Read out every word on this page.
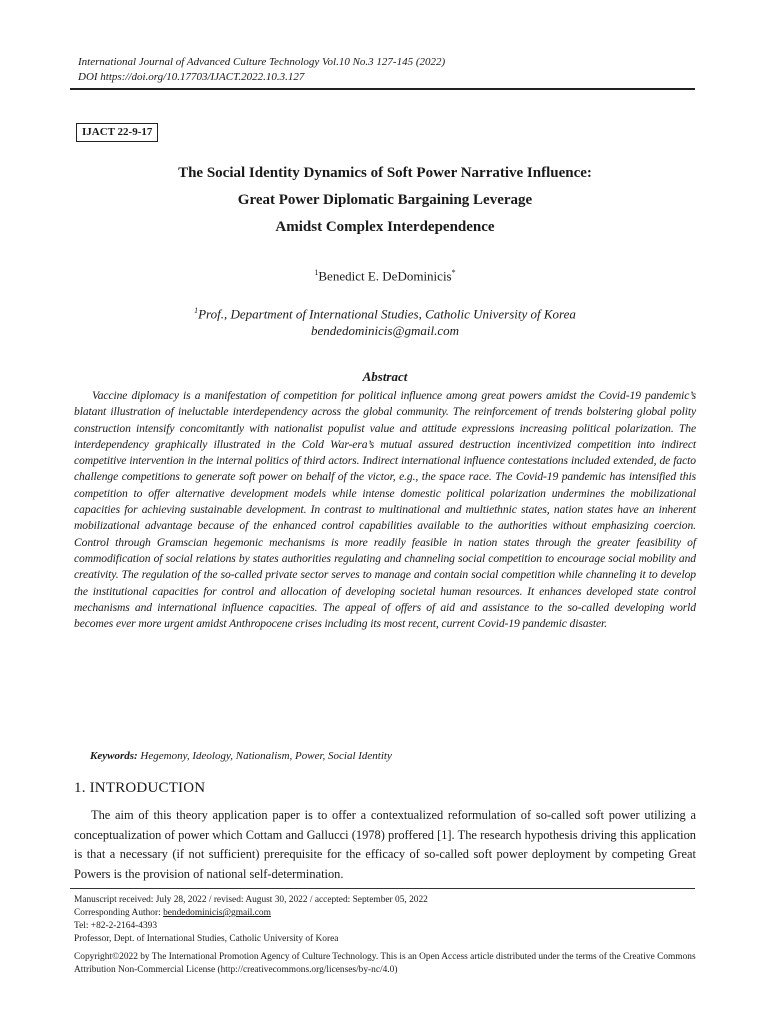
International Journal of Advanced Culture Technology Vol.10 No.3 127-145 (2022)
DOI https://doi.org/10.17703/IJACT.2022.10.3.127
IJACT 22-9-17
The Social Identity Dynamics of Soft Power Narrative Influence:
Great Power Diplomatic Bargaining Leverage
Amidst Complex Interdependence
$^1$Benedict E. DeDominicis*
$^1$Prof., Department of International Studies, Catholic University of Korea
bendedominicis@gmail.com
Abstract
Vaccine diplomacy is a manifestation of competition for political influence among great powers amidst the Covid-19 pandemic’s blatant illustration of ineluctable interdependency across the global community. The reinforcement of trends bolstering global polity construction intensify concomitantly with nationalist populist value and attitude expressions increasing political polarization. The interdependency graphically illustrated in the Cold War-era’s mutual assured destruction incentivized competition into indirect competitive intervention in the internal politics of third actors. Indirect international influence contestations included extended, de facto challenge competitions to generate soft power on behalf of the victor, e.g., the space race. The Covid-19 pandemic has intensified this competition to offer alternative development models while intense domestic political polarization undermines the mobilizational capacities for achieving sustainable development. In contrast to multinational and multiethnic states, nation states have an inherent mobilizational advantage because of the enhanced control capabilities available to the authorities without emphasizing coercion. Control through Gramscian hegemonic mechanisms is more readily feasible in nation states through the greater feasibility of commodification of social relations by states authorities regulating and channeling social competition to encourage social mobility and creativity. The regulation of the so-called private sector serves to manage and contain social competition while channeling it to develop the institutional capacities for control and allocation of developing societal human resources. It enhances developed state control mechanisms and international influence capacities. The appeal of offers of aid and assistance to the so-called developing world becomes ever more urgent amidst Anthropocene crises including its most recent, current Covid-19 pandemic disaster.
Keywords: Hegemony, Ideology, Nationalism, Power, Social Identity
1. INTRODUCTION
The aim of this theory application paper is to offer a contextualized reformulation of so-called soft power utilizing a conceptualization of power which Cottam and Gallucci (1978) proffered [1]. The research hypothesis driving this application is that a necessary (if not sufficient) prerequisite for the efficacy of so-called soft power deployment by competing Great Powers is the provision of national self-determination.
Manuscript received: July 28, 2022 / revised: August 30, 2022 / accepted: September 05, 2022
Corresponding Author: bendedominicis@gmail.com
Tel: +82-2-2164-4393
Professor, Dept. of International Studies, Catholic University of Korea
Copyright©2022 by The International Promotion Agency of Culture Technology. This is an Open Access article distributed under the terms of the Creative Commons Attribution Non-Commercial License (http://creativecommons.org/licenses/by-nc/4.0)
